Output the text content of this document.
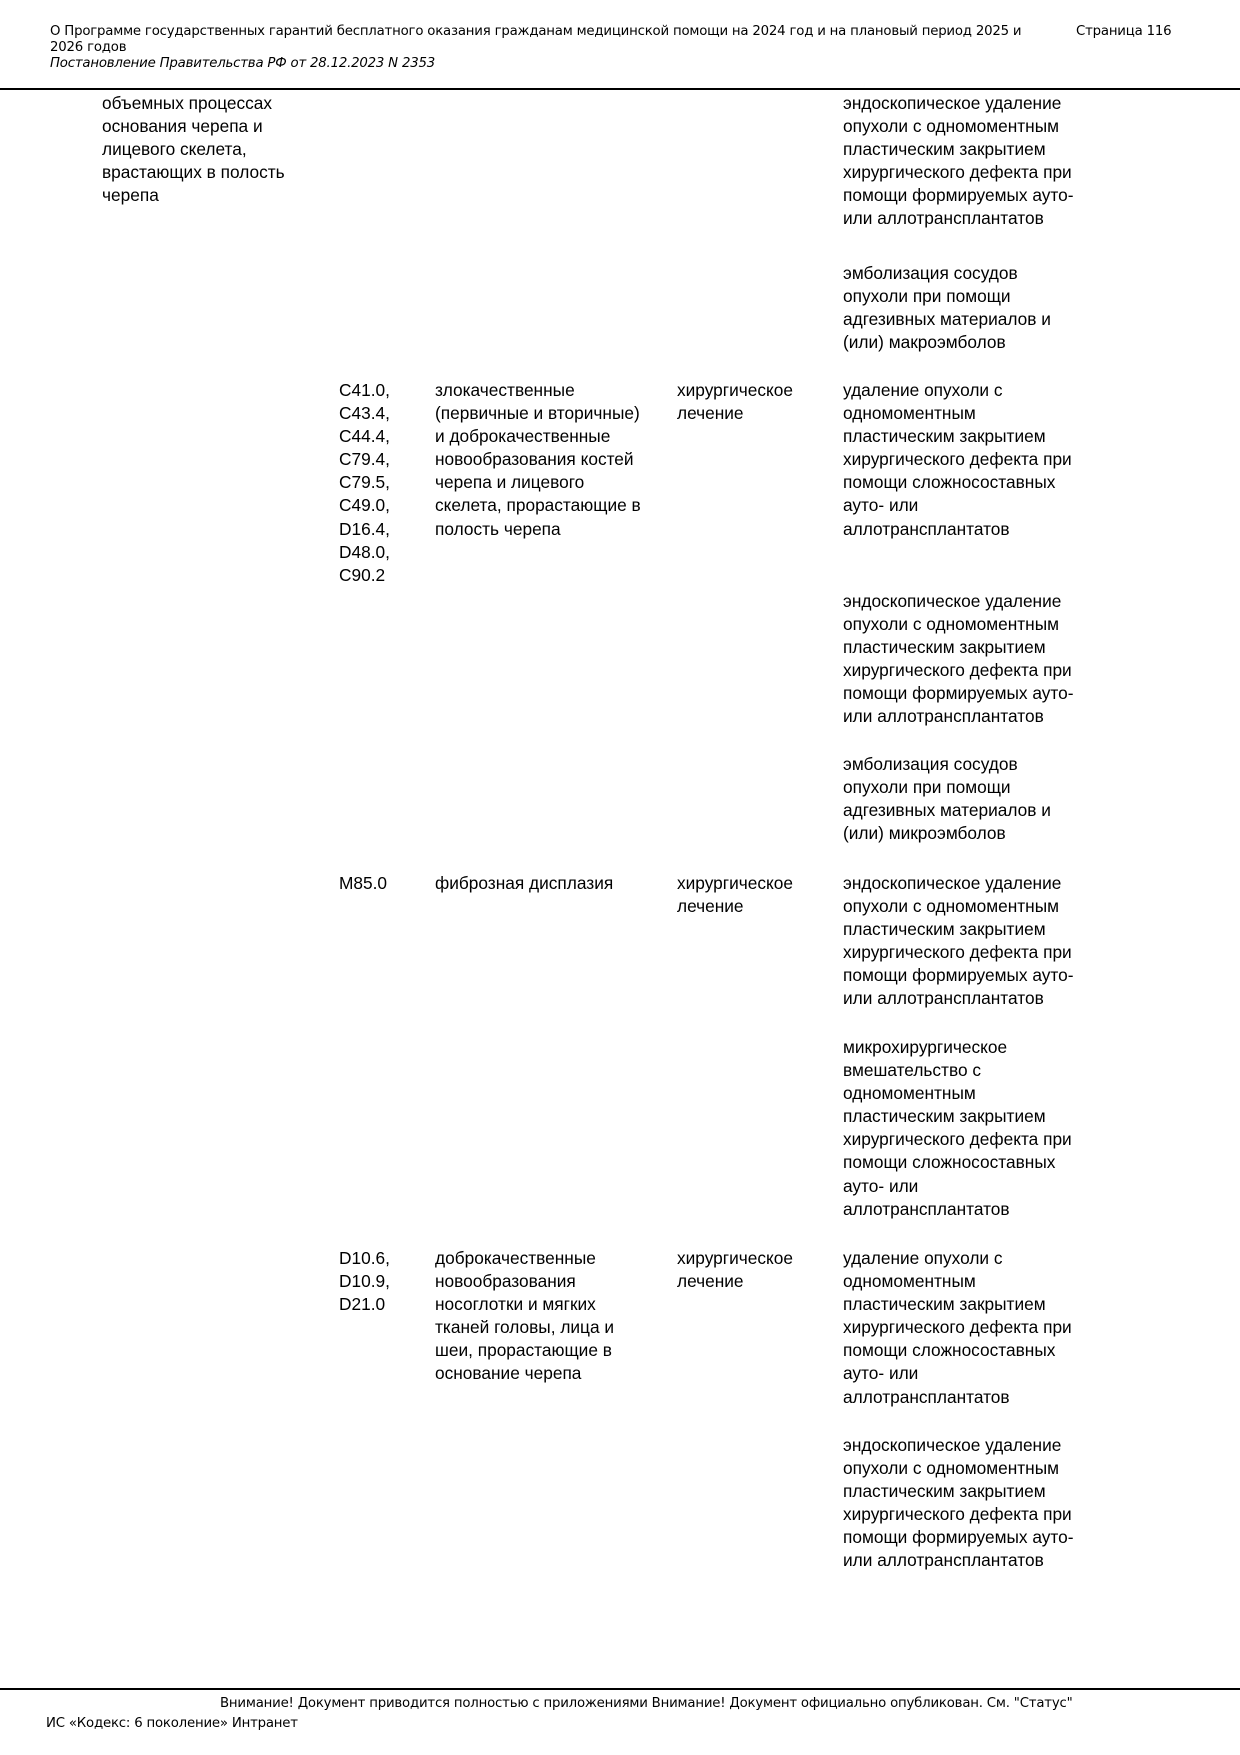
О Программе государственных гарантий бесплатного оказания гражданам медицинской помощи на 2024 год и на плановый период 2025 и 2026 годов
Постановление Правительства РФ от 28.12.2023 N 2353
Страница 116
объемных процессах
основания черепа и
лицевого скелета,
врастающих в полость
черепа
эндоскопическое удаление
опухоли с одномоментным
пластическим закрытием
хирургического дефекта при
помощи формируемых ауто-
или аллотрансплантатов
эмболизация сосудов
опухоли при помощи
адгезивных материалов и
(или) макроэмболов
C41.0,
C43.4,
C44.4,
C79.4,
C79.5,
C49.0,
D16.4,
D48.0,
C90.2
злокачественные
(первичные и вторичные)
и доброкачественные
новообразования костей
черепа и лицевого
скелета, прорастающие в
полость черепа
хирургическое
лечение
удаление опухоли с
одномоментным
пластическим закрытием
хирургического дефекта при
помощи сложносоставных
ауто- или
аллотрансплантатов
эндоскопическое удаление
опухоли с одномоментным
пластическим закрытием
хирургического дефекта при
помощи формируемых ауто-
или аллотрансплантатов
эмболизация сосудов
опухоли при помощи
адгезивных материалов и
(или) микроэмболов
M85.0	фиброзная дисплазия	хирургическое
лечение
эндоскопическое удаление
опухоли с одномоментным
пластическим закрытием
хирургического дефекта при
помощи формируемых ауто-
или аллотрансплантатов
микрохирургическое
вмешательство с
одномоментным
пластическим закрытием
хирургического дефекта при
помощи сложносоставных
ауто- или
аллотрансплантатов
D10.6,
D10.9,
D21.0
доброкачественные
новообразования
носоглотки и мягких
тканей головы, лица и
шеи, прорастающие в
основание черепа
хирургическое
лечение
удаление опухоли с
одномоментным
пластическим закрытием
хирургического дефекта при
помощи сложносоставных
ауто- или
аллотрансплантатов
эндоскопическое удаление
опухоли с одномоментным
пластическим закрытием
хирургического дефекта при
помощи формируемых ауто-
или аллотрансплантатов
Внимание! Документ приводится полностью с приложениями Внимание! Документ официально опубликован. См. "Статус"
ИС «Кодекс: 6 поколение» Интранет
